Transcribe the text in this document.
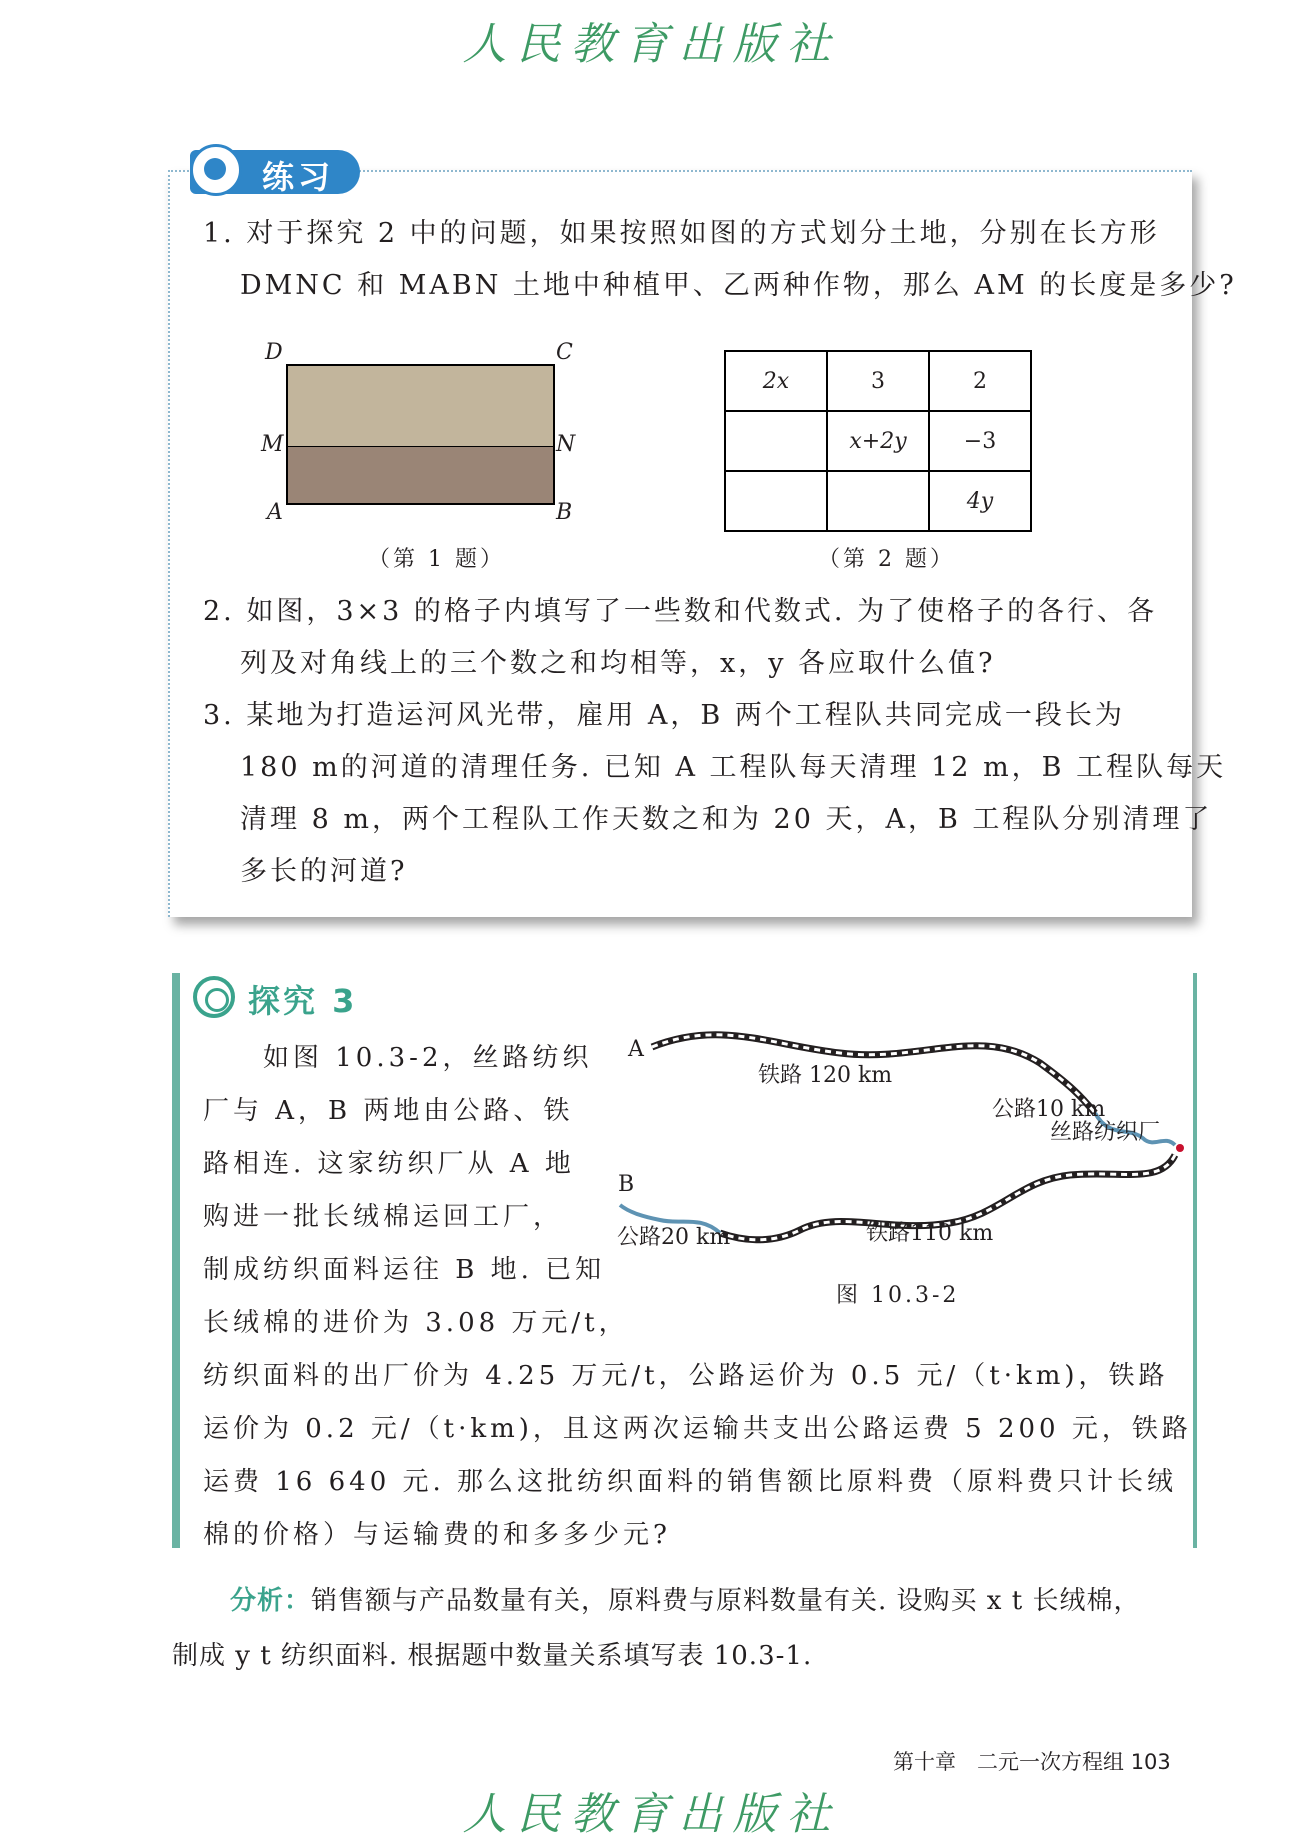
人民教育出版社
练习
1. 对于探究 2 中的问题，如果按照如图的方式划分土地，分别在长方形
DMNC 和 MABN 土地中种植甲、乙两种作物，那么 AM 的长度是多少?
D	C
M	N
A	B
（第 1 题）
2x	3	2
	x+2y	−3
		4y
（第 2 题）
2. 如图，3×3 的格子内填写了一些数和代数式. 为了使格子的各行、各
列及对角线上的三个数之和均相等，x，y 各应取什么值?
3. 某地为打造运河风光带，雇用 A，B 两个工程队共同完成一段长为
180 m的河道的清理任务. 已知 A 工程队每天清理 12 m，B 工程队每天
清理 8 m，两个工程队工作天数之和为 20 天，A，B 工程队分别清理了
多长的河道?
探究 3
如图 10.3-2，丝路纺织
厂与 A，B 两地由公路、铁
路相连. 这家纺织厂从 A 地
购进一批长绒棉运回工厂，
制成纺织面料运往 B 地. 已知
长绒棉的进价为 3.08 万元/t，
纺织面料的出厂价为 4.25 万元/t，公路运价为 0.5 元/（t·km)，铁路
运价为 0.2 元/（t·km)，且这两次运输共支出公路运费 5 200 元，铁路
运费 16 640 元. 那么这批纺织面料的销售额比原料费（原料费只计长绒
棉的价格）与运输费的和多多少元?
A
B
铁路 120 km
公路10 km
丝路纺织厂
公路20 km	铁路110 km
图 10.3-2
分析：销售额与产品数量有关，原料费与原料数量有关. 设购买 x t 长绒棉，
制成 y t 纺织面料. 根据题中数量关系填写表 10.3-1.
第十章　二元一次方程组 103
人民教育出版社
